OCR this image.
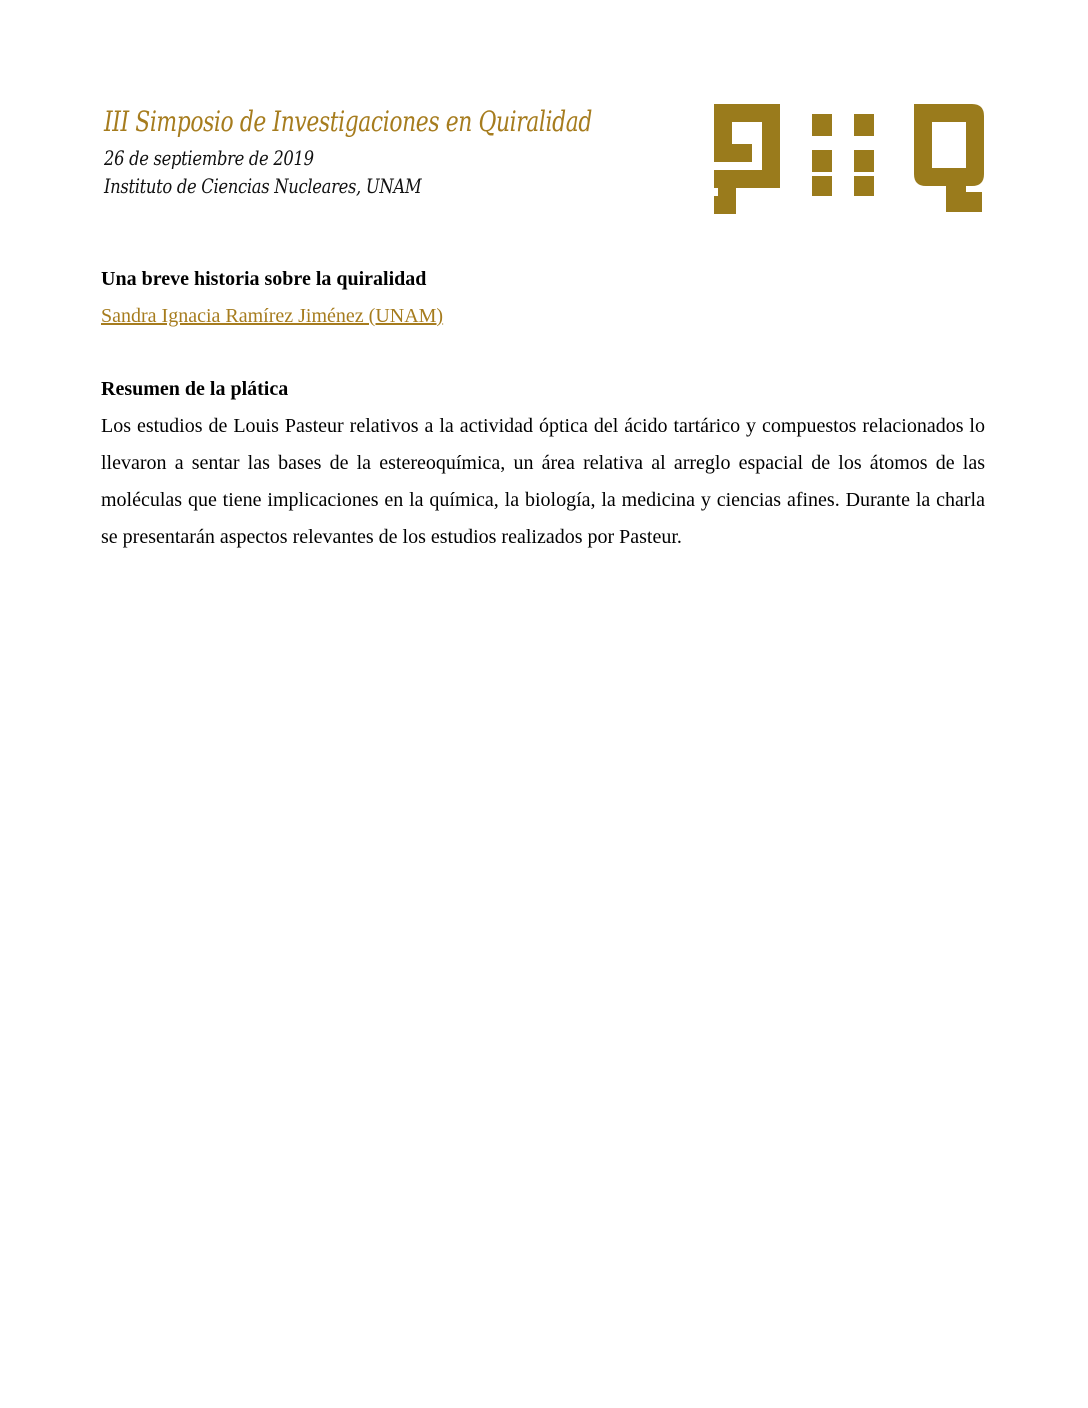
III Simposio de Investigaciones en Quiralidad
26 de septiembre de 2019
Instituto de Ciencias Nucleares, UNAM

Una breve historia sobre la quiralidad

Sandra Ignacia Ramírez Jiménez (UNAM)

Resumen de la plática

Los estudios de Louis Pasteur relativos a la actividad óptica del ácido tartárico y compuestos relacionados lo llevaron a sentar las bases de la estereoquímica, un área relativa al arreglo espacial de los átomos de las moléculas que tiene implicaciones en la química, la biología, la medicina y ciencias afines. Durante la charla se presentarán aspectos relevantes de los estudios realizados por Pasteur.
